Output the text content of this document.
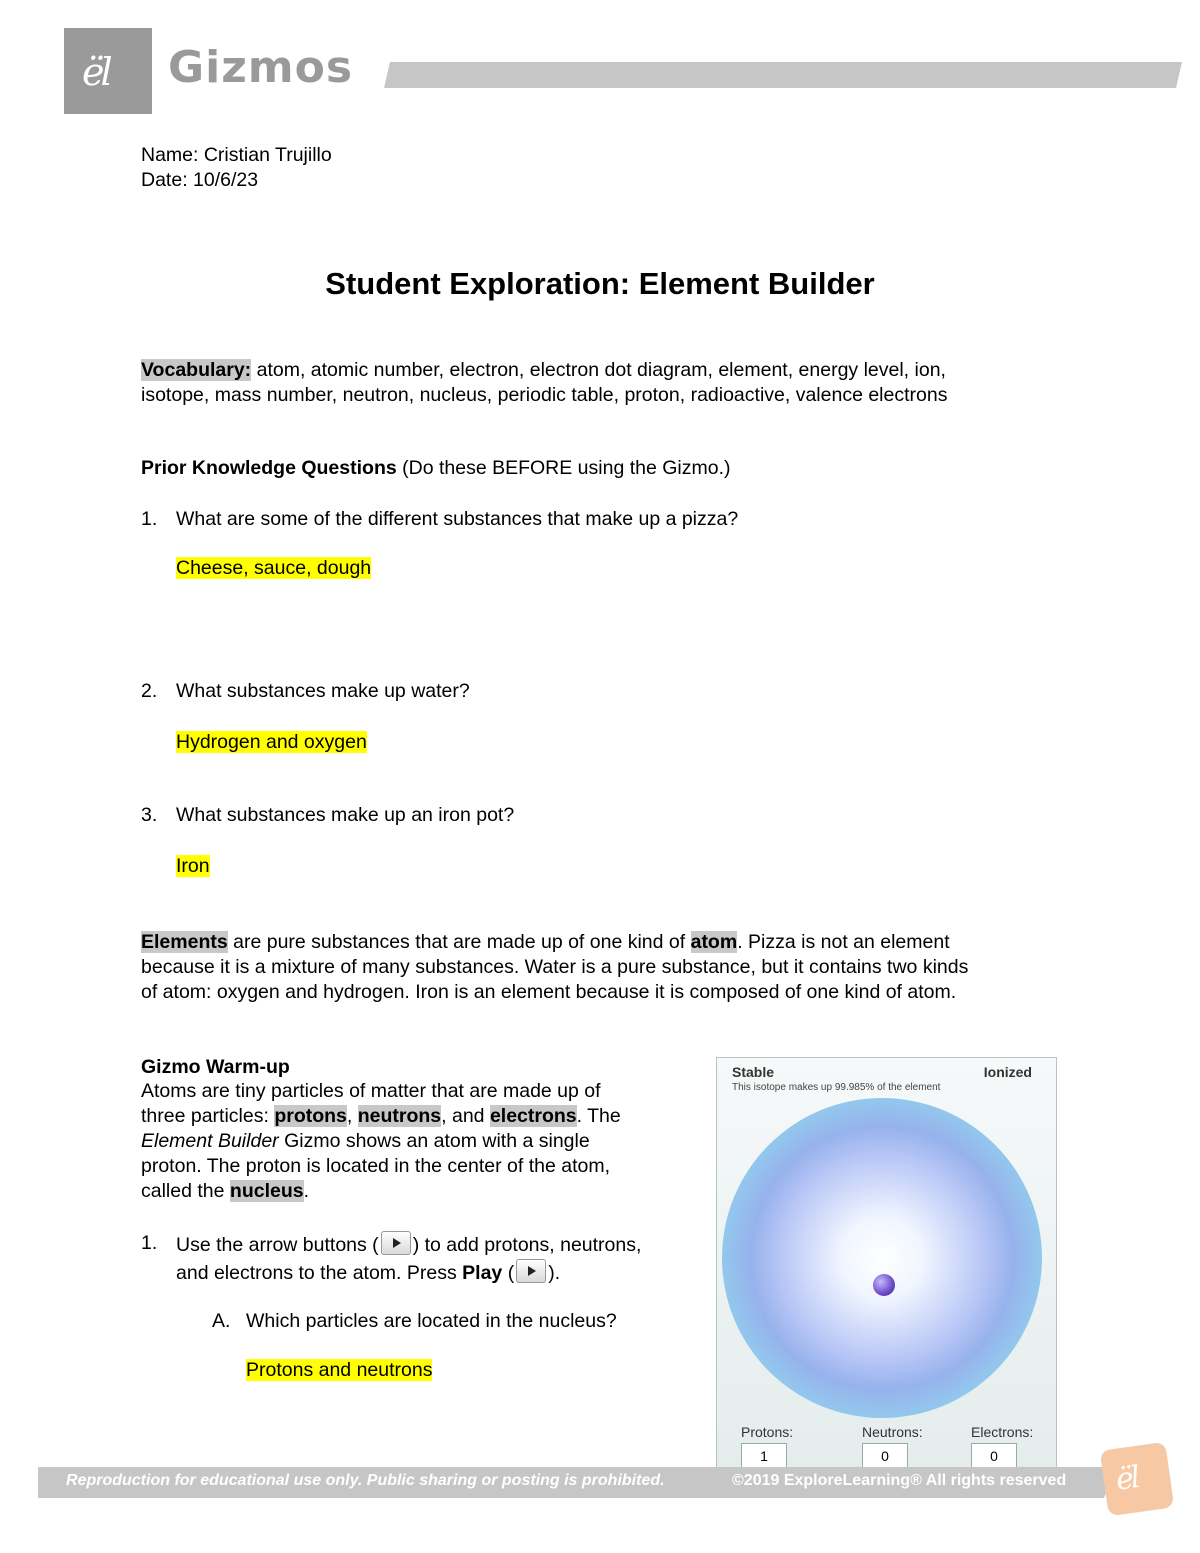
ël Gizmos
Name: Cristian Trujillo
Date: 10/6/23
Student Exploration: Element Builder
Vocabulary: atom, atomic number, electron, electron dot diagram, element, energy level, ion,
isotope, mass number, neutron, nucleus, periodic table, proton, radioactive, valence electrons
Prior Knowledge Questions (Do these BEFORE using the Gizmo.)
1. What are some of the different substances that make up a pizza?
Cheese, sauce, dough
2. What substances make up water?
Hydrogen and oxygen
3. What substances make up an iron pot?
Iron
Elements are pure substances that are made up of one kind of atom. Pizza is not an element
because it is a mixture of many substances. Water is a pure substance, but it contains two kinds
of atom: oxygen and hydrogen. Iron is an element because it is composed of one kind of atom.
Gizmo Warm-up
Atoms are tiny particles of matter that are made up of
three particles: protons, neutrons, and electrons. The
Element Builder Gizmo shows an atom with a single
proton. The proton is located in the center of the atom,
called the nucleus.
1. Use the arrow buttons ( ) to add protons, neutrons,
and electrons to the atom. Press Play ( ).
A. Which particles are located in the nucleus?
Protons and neutrons
Stable	Ionized
This isotope makes up 99.985% of the element
Protons:	Neutrons:	Electrons:
1	0	0
Reproduction for educational use only. Public sharing or posting is prohibited.	©2019 ExploreLearning® All rights reserved ël
